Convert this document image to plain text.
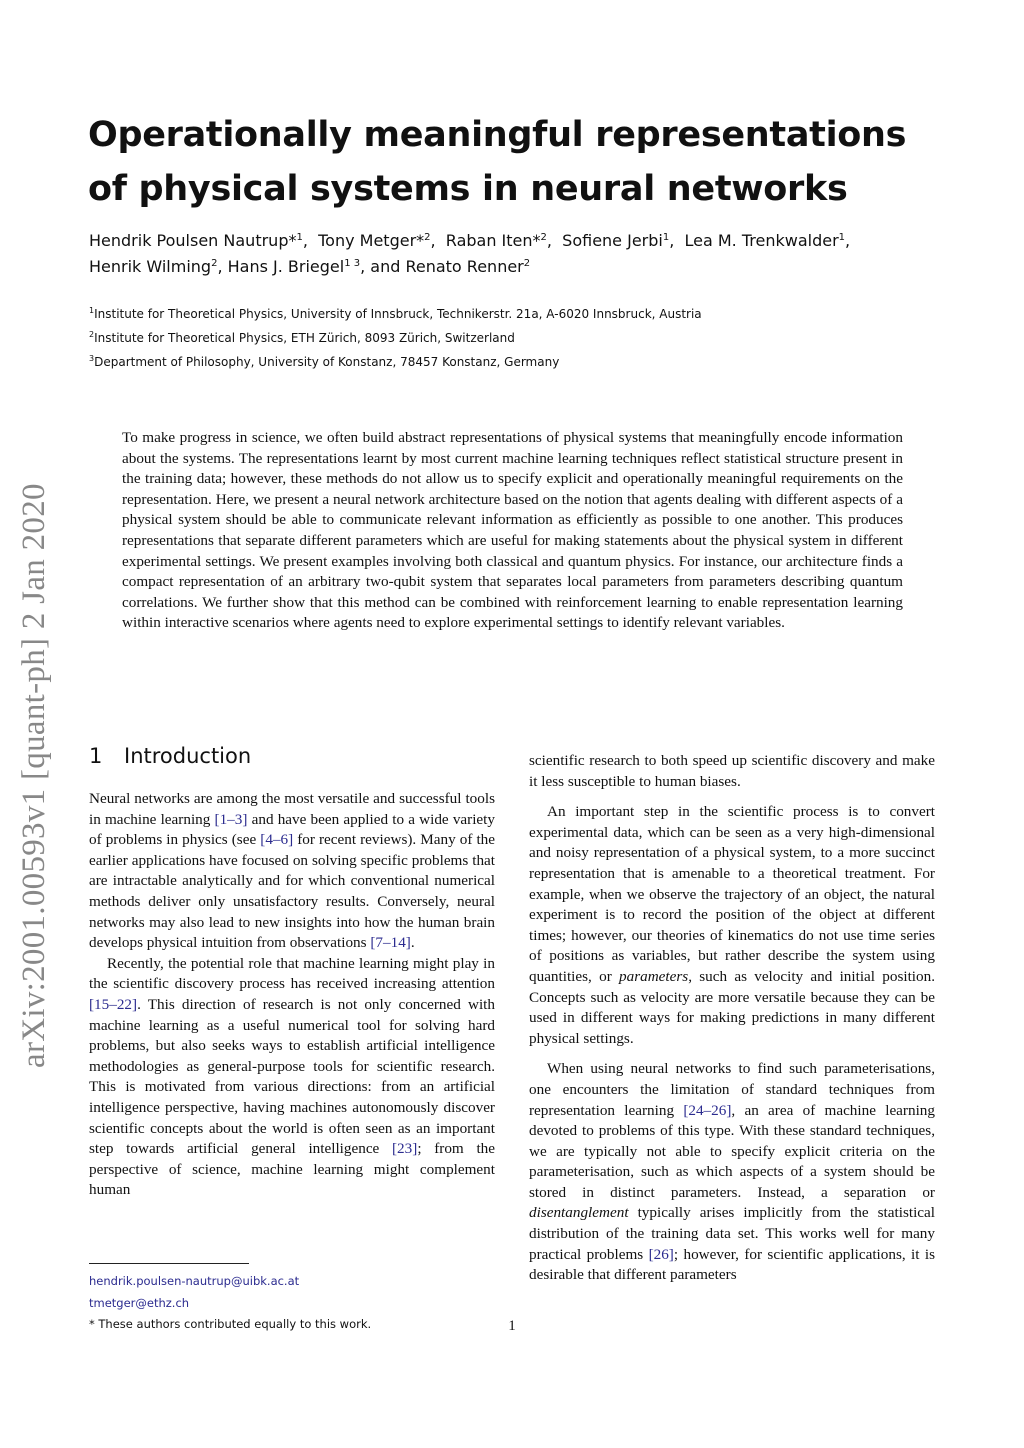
Operationally meaningful representations
of physical systems in neural networks
Hendrik Poulsen Nautrup*$^1$,  Tony Metger*$^2$,  Raban Iten*$^2$,  Sofiene Jerbi$^1$,  Lea M. Trenkwalder$^1$,
Henrik Wilming$^2$, Hans J. Briegel$^{1 3}$, and Renato Renner$^2$
$^1$Institute for Theoretical Physics, University of Innsbruck, Technikerstr. 21a, A-6020 Innsbruck, Austria
$^2$Institute for Theoretical Physics, ETH Zürich, 8093 Zürich, Switzerland
$^3$Department of Philosophy, University of Konstanz, 78457 Konstanz, Germany
arXiv:2001.00593v1 [quant-ph] 2 Jan 2020

To make progress in science, we often build abstract representations of physical systems that meaningfully encode information about the systems. The representations learnt by most current machine learning techniques reflect statistical structure present in the training data; however, these methods do not allow us to specify explicit and operationally meaningful requirements on the representation. Here, we present a neural network architecture based on the notion that agents dealing with different aspects of a physical system should be able to communicate relevant information as efficiently as possible to one another. This produces representations that separate different parameters which are useful for making statements about the physical system in different experimental settings. We present examples involving both classical and quantum physics. For instance, our architecture finds a compact representation of an arbitrary two-qubit system that separates local parameters from parameters describing quantum correlations. We further show that this method can be combined with reinforcement learning to enable representation learning within interactive scenarios where agents need to explore experimental settings to identify relevant variables.

1 Introduction

Neural networks are among the most versatile and successful tools in machine learning [1–3] and have been applied to a wide variety of problems in physics (see [4–6] for recent reviews). Many of the earlier applications have focused on solving specific problems that are intractable analytically and for which conventional numerical methods deliver only unsatisfactory results. Conversely, neural networks may also lead to new insights into how the human brain develops physical intuition from observations [7–14].

Recently, the potential role that machine learning might play in the scientific discovery process has received increasing attention [15–22]. This direction of research is not only concerned with machine learning as a useful numerical tool for solving hard problems, but also seeks ways to establish artificial intelligence methodologies as general-purpose tools for scientific research. This is motivated from various directions: from an artificial intelligence perspective, having machines autonomously discover scientific concepts about the world is often seen as an important step towards artificial general intelligence [23]; from the perspective of science, machine learning might complement human

hendrik.poulsen-nautrup@uibk.ac.at
tmetger@ethz.ch
* These authors contributed equally to this work.

scientific research to both speed up scientific discovery and make it less susceptible to human biases.

An important step in the scientific process is to convert experimental data, which can be seen as a very high-dimensional and noisy representation of a physical system, to a more succinct representation that is amenable to a theoretical treatment. For example, when we observe the trajectory of an object, the natural experiment is to record the position of the object at different times; however, our theories of kinematics do not use time series of positions as variables, but rather describe the system using quantities, or parameters, such as velocity and initial position. Concepts such as velocity are more versatile because they can be used in different ways for making predictions in many different physical settings.

When using neural networks to find such parameterisations, one encounters the limitation of standard techniques from representation learning [24–26], an area of machine learning devoted to problems of this type. With these standard techniques, we are typically not able to specify explicit criteria on the parameterisation, such as which aspects of a system should be stored in distinct parameters. Instead, a separation or disentanglement typically arises implicitly from the statistical distribution of the training data set. This works well for many practical problems [26]; however, for scientific applications, it is desirable that different parameters

1
